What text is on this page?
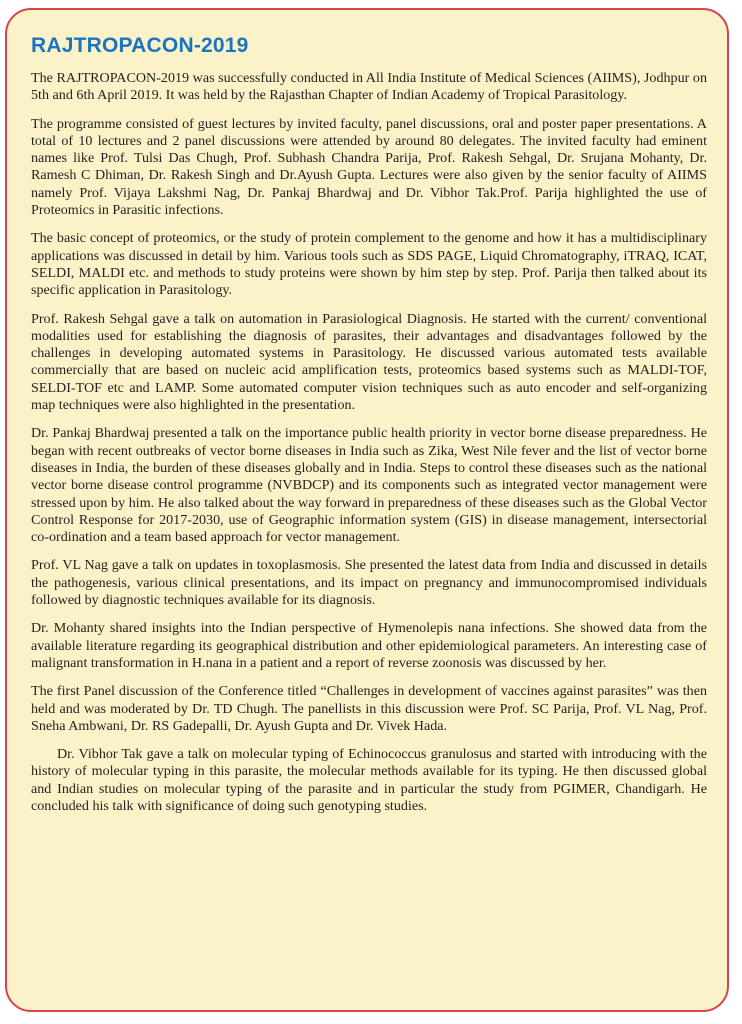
RAJTROPACON-2019

The RAJTROPACON-2019 was successfully conducted in All India Institute of Medical Sciences (AIIMS), Jodhpur on 5th and 6th April 2019. It was held by the Rajasthan Chapter of Indian Academy of Tropical Parasitology.

The programme consisted of guest lectures by invited faculty, panel discussions, oral and poster paper presentations. A total of 10 lectures and 2 panel discussions were attended by around 80 delegates. The invited faculty had eminent names like Prof. Tulsi Das Chugh, Prof. Subhash Chandra Parija, Prof. Rakesh Sehgal, Dr. Srujana Mohanty, Dr. Ramesh C Dhiman, Dr. Rakesh Singh and Dr.Ayush Gupta. Lectures were also given by the senior faculty of AIIMS namely Prof. Vijaya Lakshmi Nag, Dr. Pankaj Bhardwaj and Dr. Vibhor Tak.Prof. Parija highlighted the use of Proteomics in Parasitic infections.

The basic concept of proteomics, or the study of protein complement to the genome and how it has a multidisciplinary applications was discussed in detail by him. Various tools such as SDS PAGE, Liquid Chromatography, iTRAQ, ICAT, SELDI, MALDI etc. and methods to study proteins were shown by him step by step. Prof. Parija then talked about its specific application in Parasitology.

Prof. Rakesh Sehgal gave a talk on automation in Parasiological Diagnosis. He started with the current/ conventional modalities used for establishing the diagnosis of parasites, their advantages and disadvantages followed by the challenges in developing automated systems in Parasitology. He discussed various automated tests available commercially that are based on nucleic acid amplification tests, proteomics based systems such as MALDI-TOF, SELDI-TOF etc and LAMP. Some automated computer vision techniques such as auto encoder and self-organizing map techniques were also highlighted in the presentation.

Dr. Pankaj Bhardwaj presented a talk on the importance public health priority in vector borne disease preparedness. He began with recent outbreaks of vector borne diseases in India such as Zika, West Nile fever and the list of vector borne diseases in India, the burden of these diseases globally and in India. Steps to control these diseases such as the national vector borne disease control programme (NVBDCP) and its components such as integrated vector management were stressed upon by him. He also talked about the way forward in preparedness of these diseases such as the Global Vector Control Response for 2017-2030, use of Geographic information system (GIS) in disease management, intersectorial co-ordination and a team based approach for vector management.

Prof. VL Nag gave a talk on updates in toxoplasmosis. She presented the latest data from India and discussed in details the pathogenesis, various clinical presentations, and its impact on pregnancy and immunocompromised individuals followed by diagnostic techniques available for its diagnosis.

Dr. Mohanty shared insights into the Indian perspective of Hymenolepis nana infections. She showed data from the available literature regarding its geographical distribution and other epidemiological parameters. An interesting case of malignant transformation in H.nana in a patient and a report of reverse zoonosis was discussed by her.

The first Panel discussion of the Conference titled “Challenges in development of vaccines against parasites” was then held and was moderated by Dr. TD Chugh. The panellists in this discussion were Prof. SC Parija, Prof. VL Nag, Prof. Sneha Ambwani, Dr. RS Gadepalli, Dr. Ayush Gupta and Dr. Vivek Hada.

Dr. Vibhor Tak gave a talk on molecular typing of Echinococcus granulosus and started with introducing with the history of molecular typing in this parasite, the molecular methods available for its typing. He then discussed global and Indian studies on molecular typing of the parasite and in particular the study from PGIMER, Chandigarh. He concluded his talk with significance of doing such genotyping studies.
